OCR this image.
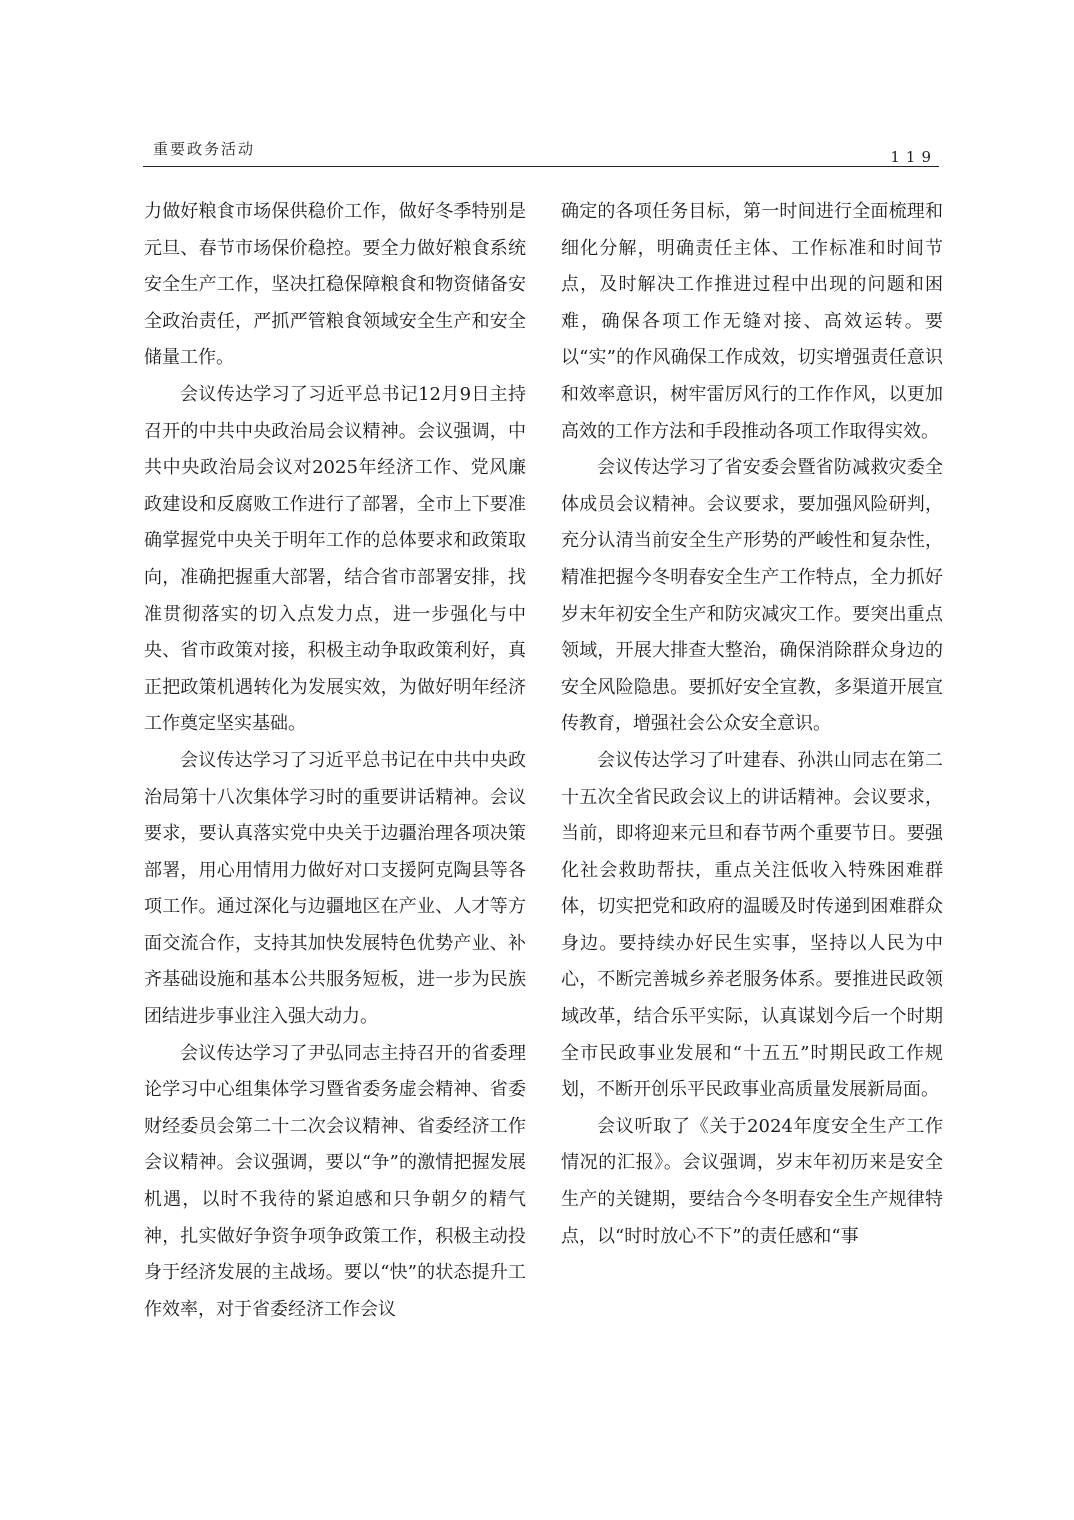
重要政务活动	119

力做好粮食市场保供稳价工作，做好冬季特别是元旦、春节市场保价稳控。要全力做好粮食系统安全生产工作，坚决扛稳保障粮食和物资储备安全政治责任，严抓严管粮食领域安全生产和安全储量工作。

会议传达学习了习近平总书记12月9日主持召开的中共中央政治局会议精神。会议强调，中共中央政治局会议对2025年经济工作、党风廉政建设和反腐败工作进行了部署，全市上下要准确掌握党中央关于明年工作的总体要求和政策取向，准确把握重大部署，结合省市部署安排，找准贯彻落实的切入点发力点，进一步强化与中央、省市政策对接，积极主动争取政策利好，真正把政策机遇转化为发展实效，为做好明年经济工作奠定坚实基础。

会议传达学习了习近平总书记在中共中央政治局第十八次集体学习时的重要讲话精神。会议要求，要认真落实党中央关于边疆治理各项决策部署，用心用情用力做好对口支援阿克陶县等各项工作。通过深化与边疆地区在产业、人才等方面交流合作，支持其加快发展特色优势产业、补齐基础设施和基本公共服务短板，进一步为民族团结进步事业注入强大动力。

会议传达学习了尹弘同志主持召开的省委理论学习中心组集体学习暨省委务虚会精神、省委财经委员会第二十二次会议精神、省委经济工作会议精神。会议强调，要以“争”的激情把握发展机遇，以时不我待的紧迫感和只争朝夕的精气神，扎实做好争资争项争政策工作，积极主动投身于经济发展的主战场。要以“快”的状态提升工作效率，对于省委经济工作会议

确定的各项任务目标，第一时间进行全面梳理和细化分解，明确责任主体、工作标准和时间节点，及时解决工作推进过程中出现的问题和困难，确保各项工作无缝对接、高效运转。要以“实”的作风确保工作成效，切实增强责任意识和效率意识，树牢雷厉风行的工作作风，以更加高效的工作方法和手段推动各项工作取得实效。

会议传达学习了省安委会暨省防减救灾委全体成员会议精神。会议要求，要加强风险研判，充分认清当前安全生产形势的严峻性和复杂性，精准把握今冬明春安全生产工作特点，全力抓好岁末年初安全生产和防灾减灾工作。要突出重点领域，开展大排查大整治，确保消除群众身边的安全风险隐患。要抓好安全宣教，多渠道开展宣传教育，增强社会公众安全意识。

会议传达学习了叶建春、孙洪山同志在第二十五次全省民政会议上的讲话精神。会议要求，当前，即将迎来元旦和春节两个重要节日。要强化社会救助帮扶，重点关注低收入特殊困难群体，切实把党和政府的温暖及时传递到困难群众身边。要持续办好民生实事，坚持以人民为中心，不断完善城乡养老服务体系。要推进民政领域改革，结合乐平实际，认真谋划今后一个时期全市民政事业发展和“十五五”时期民政工作规划，不断开创乐平民政事业高质量发展新局面。

会议听取了《关于2024年度安全生产工作情况的汇报》。会议强调，岁末年初历来是安全生产的关键期，要结合今冬明春安全生产规律特点，以“时时放心不下”的责任感和“事
